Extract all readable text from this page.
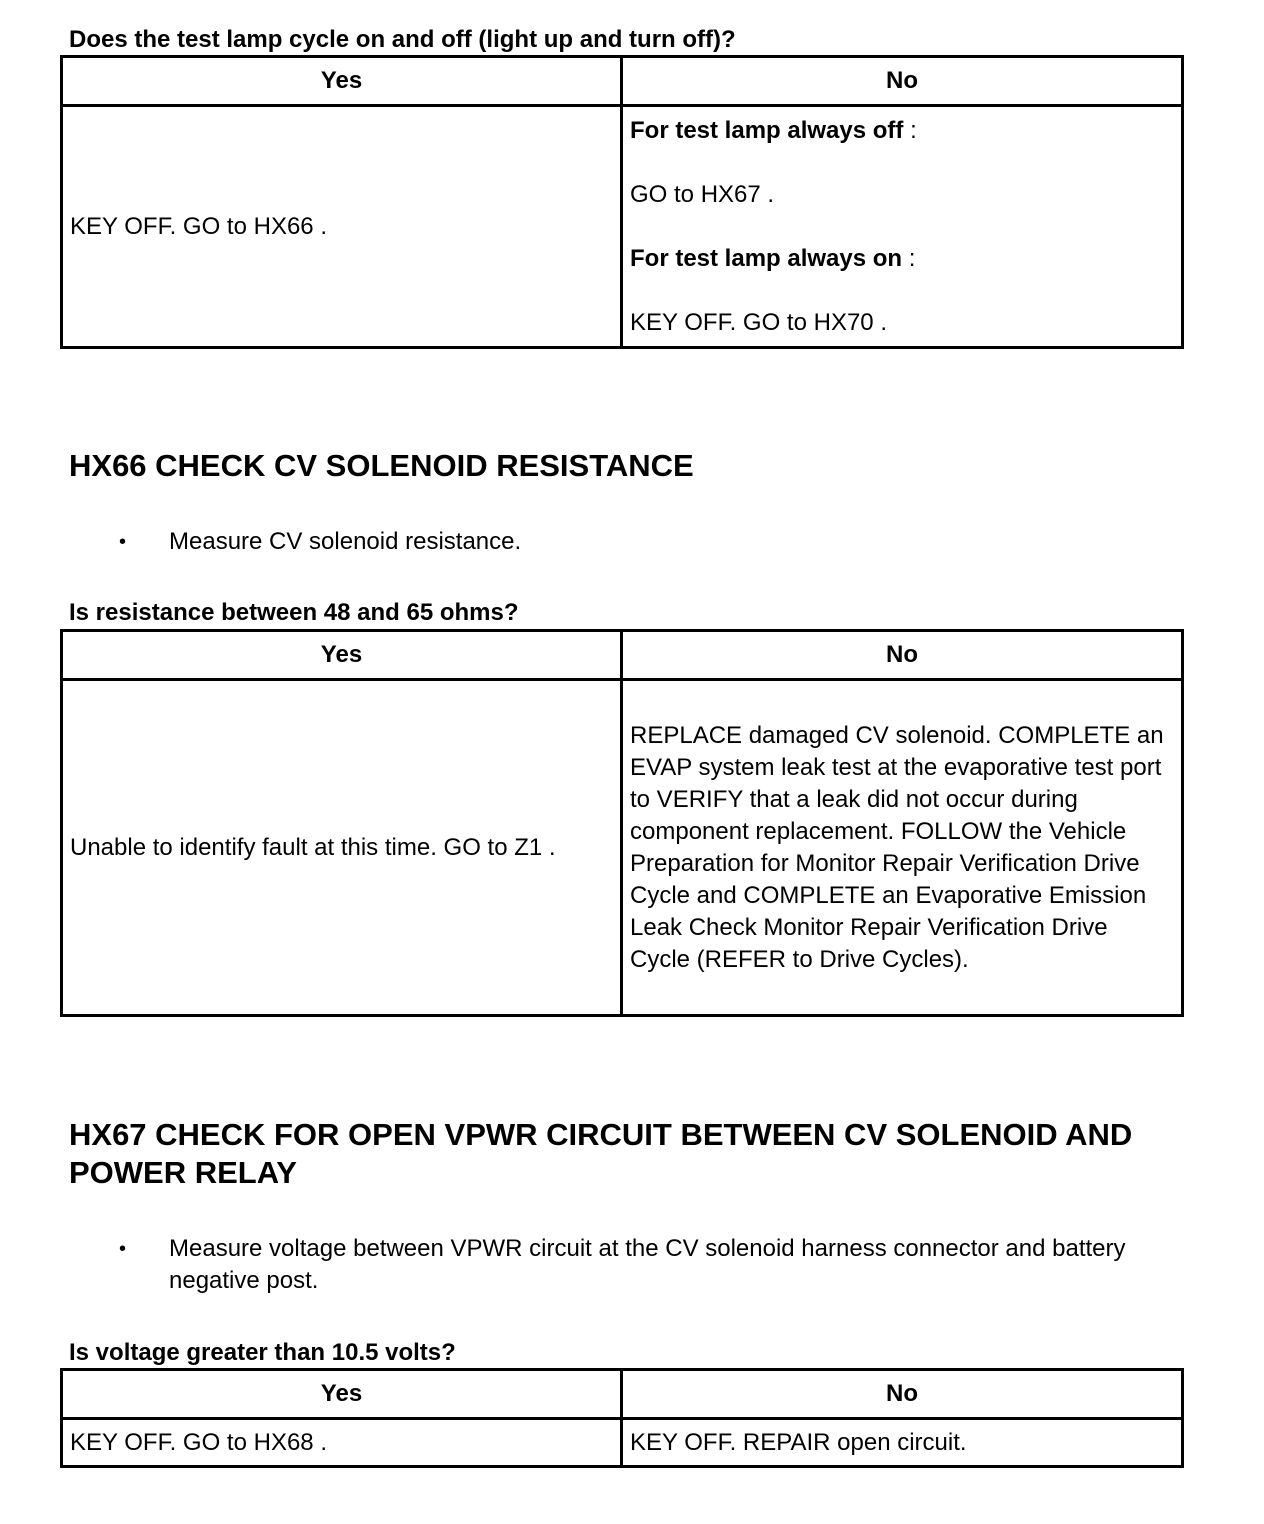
Does the test lamp cycle on and off (light up and turn off)?

Yes	No
KEY OFF. GO to HX66 .	For test lamp always off :

GO to HX67 .

For test lamp always on :

KEY OFF. GO to HX70 .

HX66 CHECK CV SOLENOID RESISTANCE
•	Measure CV solenoid resistance.

Is resistance between 48 and 65 ohms?

Yes	No
Unable to identify fault at this time. GO to Z1 .	REPLACE damaged CV solenoid. COMPLETE an EVAP system leak test at the evaporative test port to VERIFY that a leak did not occur during component replacement. FOLLOW the Vehicle Preparation for Monitor Repair Verification Drive Cycle and COMPLETE an Evaporative Emission Leak Check Monitor Repair Verification Drive Cycle (REFER to Drive Cycles).
HX67 CHECK FOR OPEN VPWR CIRCUIT BETWEEN CV SOLENOID AND POWER RELAY
•	Measure voltage between VPWR circuit at the CV solenoid harness connector and battery negative post.

Is voltage greater than 10.5 volts?

Yes	No
KEY OFF. GO to HX68 .	KEY OFF. REPAIR open circuit.
